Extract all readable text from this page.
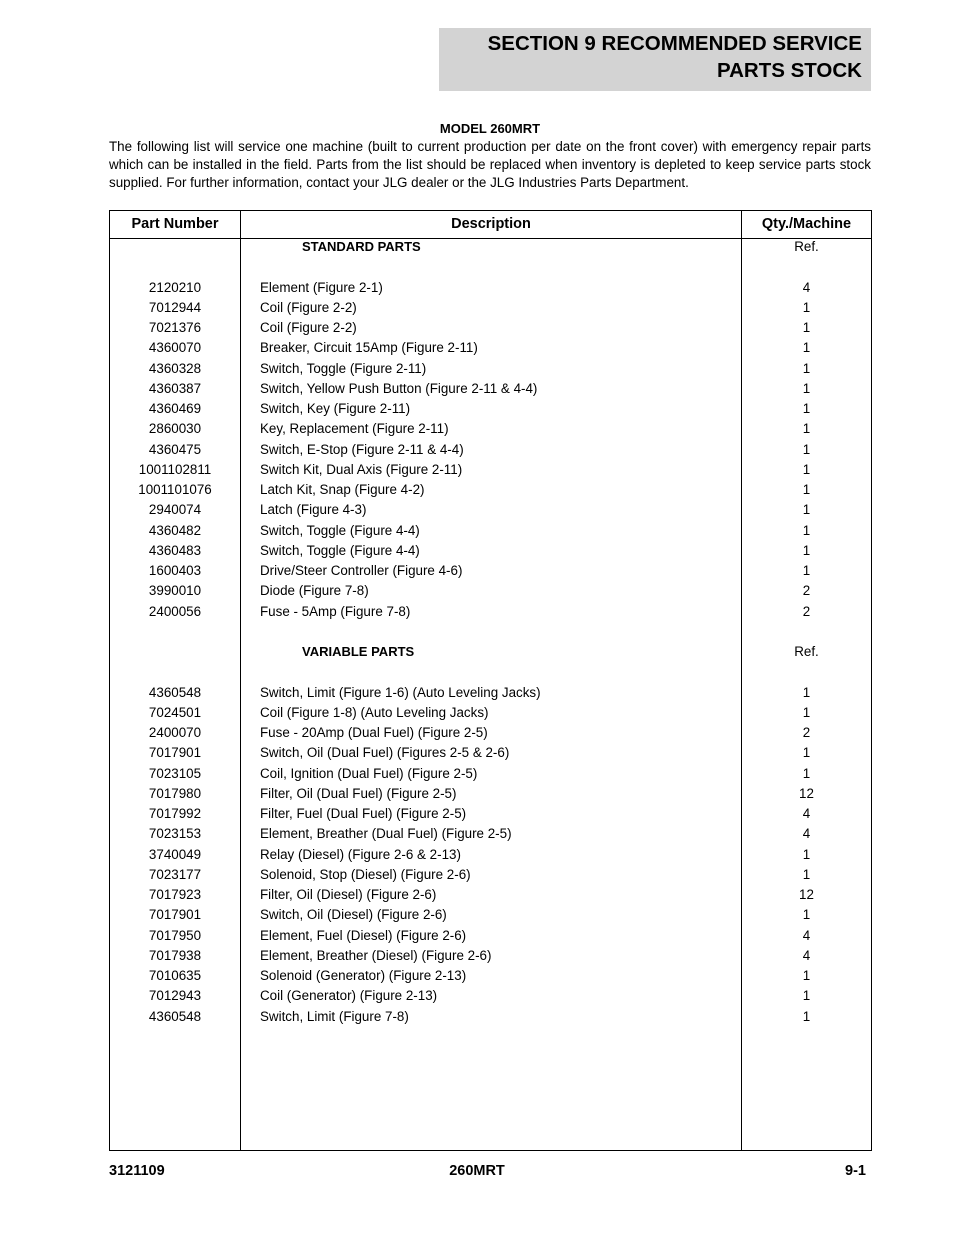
SECTION 9 RECOMMENDED SERVICE
PARTS STOCK
MODEL 260MRT
The following list will service one machine (built to current production per date on the front cover) with emergency repair parts which can be installed in the field. Parts from the list should be replaced when inventory is depleted to keep service parts stock supplied. For further information, contact your JLG dealer or the JLG Industries Parts Department.
Part Number	Description	Qty./Machine
STANDARD PARTS	Ref.
2120210	Element (Figure 2-1)	4
7012944	Coil (Figure 2-2)	1
7021376	Coil (Figure 2-2)	1
4360070	Breaker, Circuit 15Amp (Figure 2-11)	1
4360328	Switch, Toggle (Figure 2-11)	1
4360387	Switch, Yellow Push Button (Figure 2-11 & 4-4)	1
4360469	Switch, Key (Figure 2-11)	1
2860030	Key, Replacement (Figure 2-11)	1
4360475	Switch, E-Stop (Figure 2-11 & 4-4)	1
1001102811	Switch Kit, Dual Axis (Figure 2-11)	1
1001101076	Latch Kit, Snap (Figure 4-2)	1
2940074	Latch (Figure 4-3)	1
4360482	Switch, Toggle (Figure 4-4)	1
4360483	Switch, Toggle (Figure 4-4)	1
1600403	Drive/Steer Controller (Figure 4-6)	1
3990010	Diode (Figure 7-8)	2
2400056	Fuse - 5Amp (Figure 7-8)	2
VARIABLE PARTS	Ref.
4360548	Switch, Limit (Figure 1-6) (Auto Leveling Jacks)	1
7024501	Coil (Figure 1-8) (Auto Leveling Jacks)	1
2400070	Fuse - 20Amp (Dual Fuel) (Figure 2-5)	2
7017901	Switch, Oil (Dual Fuel) (Figures 2-5 & 2-6)	1
7023105	Coil, Ignition (Dual Fuel) (Figure 2-5)	1
7017980	Filter, Oil (Dual Fuel) (Figure 2-5)	12
7017992	Filter, Fuel (Dual Fuel) (Figure 2-5)	4
7023153	Element, Breather (Dual Fuel) (Figure 2-5)	4
3740049	Relay (Diesel) (Figure 2-6 & 2-13)	1
7023177	Solenoid, Stop (Diesel) (Figure 2-6)	1
7017923	Filter, Oil (Diesel) (Figure 2-6)	12
7017901	Switch, Oil (Diesel) (Figure 2-6)	1
7017950	Element, Fuel (Diesel) (Figure 2-6)	4
7017938	Element, Breather (Diesel) (Figure 2-6)	4
7010635	Solenoid (Generator) (Figure 2-13)	1
7012943	Coil (Generator) (Figure 2-13)	1
4360548	Switch, Limit (Figure 7-8)	1
3121109	260MRT	9-1
